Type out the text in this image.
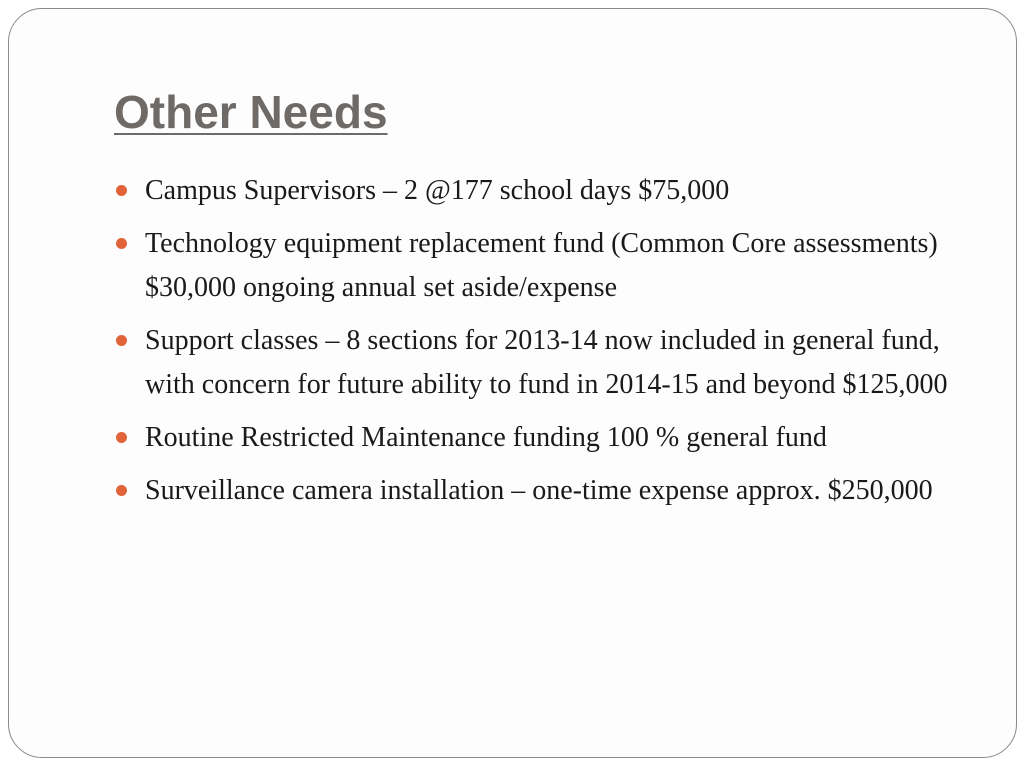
Other Needs
Campus Supervisors – 2 @177 school days $75,000
Technology equipment replacement fund (Common Core assessments) $30,000 ongoing annual set aside/expense
Support classes – 8 sections for 2013-14 now included in general fund, with concern for future ability to fund in 2014-15 and beyond $125,000
Routine Restricted Maintenance funding 100 % general fund
Surveillance camera installation – one-time expense approx. $250,000
